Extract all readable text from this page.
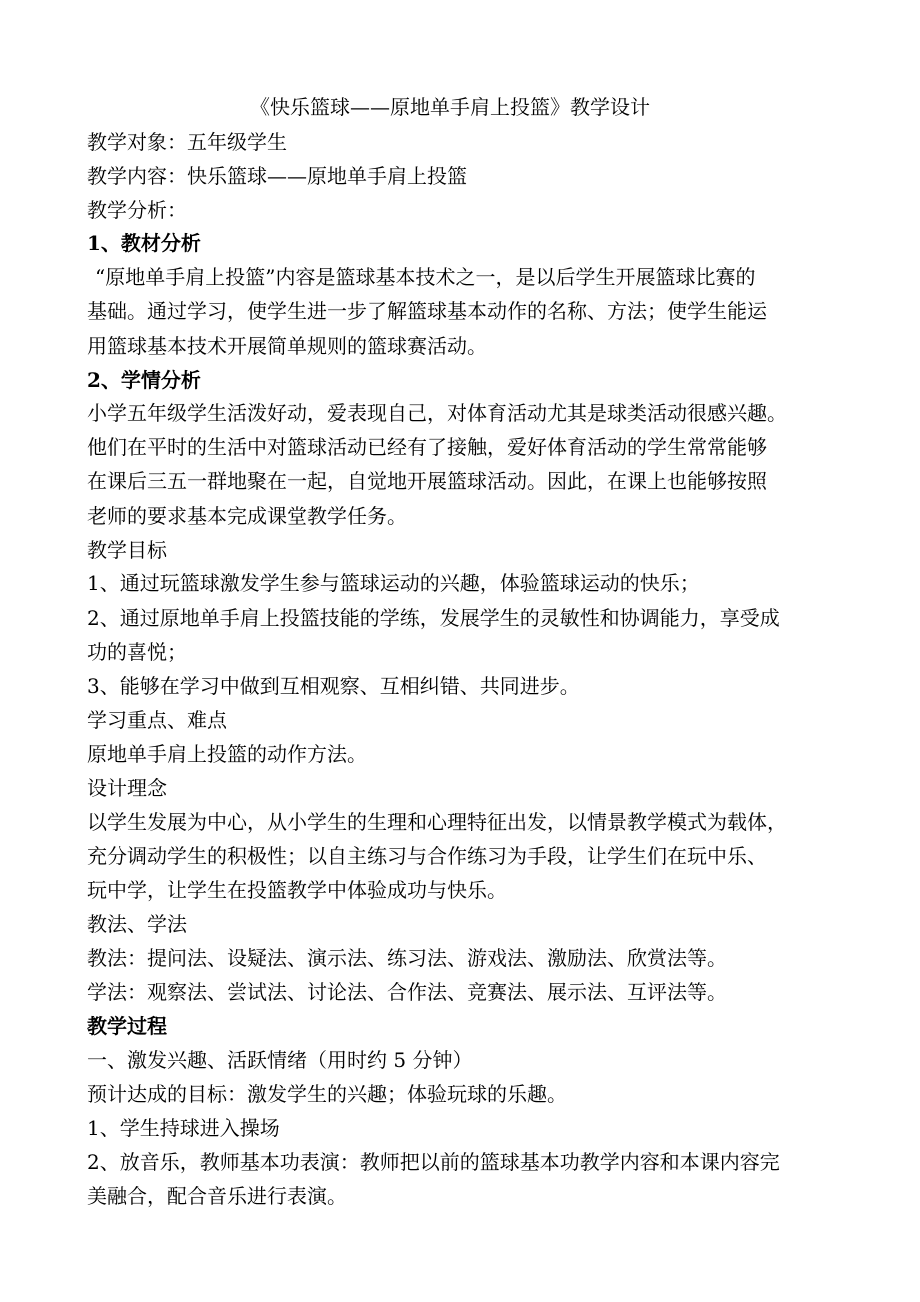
《快乐篮球——原地单手肩上投篮》教学设计
教学对象：五年级学生
教学内容：快乐篮球——原地单手肩上投篮
教学分析：
1、教材分析
“原地单手肩上投篮”内容是篮球基本技术之一，是以后学生开展篮球比赛的
基础。通过学习，使学生进一步了解篮球基本动作的名称、方法；使学生能运
用篮球基本技术开展简单规则的篮球赛活动。
2、学情分析
小学五年级学生活泼好动，爱表现自己，对体育活动尤其是球类活动很感兴趣。
他们在平时的生活中对篮球活动已经有了接触，爱好体育活动的学生常常能够
在课后三五一群地聚在一起，自觉地开展篮球活动。因此，在课上也能够按照
老师的要求基本完成课堂教学任务。
教学目标
1、通过玩篮球激发学生参与篮球运动的兴趣，体验篮球运动的快乐；
2、通过原地单手肩上投篮技能的学练，发展学生的灵敏性和协调能力，享受成
功的喜悦；
3、能够在学习中做到互相观察、互相纠错、共同进步。
学习重点、难点
原地单手肩上投篮的动作方法。
设计理念
以学生发展为中心，从小学生的生理和心理特征出发，以情景教学模式为载体，
充分调动学生的积极性；以自主练习与合作练习为手段，让学生们在玩中乐、
玩中学，让学生在投篮教学中体验成功与快乐。
教法、学法
教法：提问法、设疑法、演示法、练习法、游戏法、激励法、欣赏法等。
学法：观察法、尝试法、讨论法、合作法、竞赛法、展示法、互评法等。
教学过程
一、激发兴趣、活跃情绪（用时约 5 分钟）
预计达成的目标：激发学生的兴趣；体验玩球的乐趣。
1、学生持球进入操场
2、放音乐，教师基本功表演：教师把以前的篮球基本功教学内容和本课内容完
美融合，配合音乐进行表演。
